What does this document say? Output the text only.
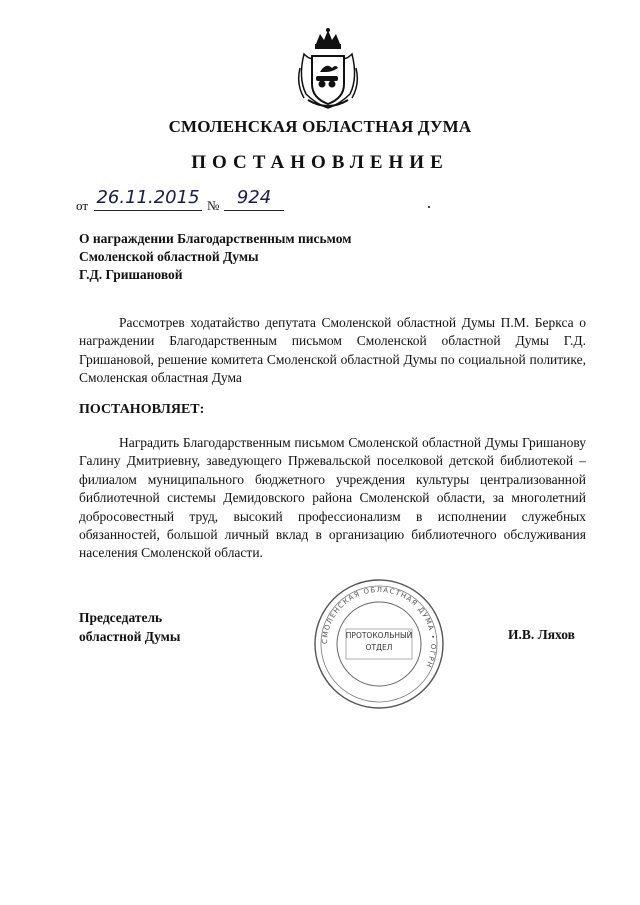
СМОЛЕНСКАЯ ОБЛАСТНАЯ ДУМА
ПОСТАНОВЛЕНИЕ
от 26.11.2015 № 924
О награждении Благодарственным письмом
Смоленской областной Думы
Г.Д. Гришановой
Рассмотрев ходатайство депутата Смоленской областной Думы П.М. Беркса о награждении Благодарственным письмом Смоленской областной Думы Г.Д. Гришановой, решение комитета Смоленской областной Думы по социальной политике, Смоленская областная Дума
ПОСТАНОВЛЯЕТ:
Наградить Благодарственным письмом Смоленской областной Думы Гришанову Галину Дмитриевну, заведующего Пржевальской поселковой детской библиотекой – филиалом муниципального бюджетного учреждения культуры централизованной библиотечной системы Демидовского района Смоленской области, за многолетний добросовестный труд, высокий профессионализм в исполнении служебных обязанностей, большой личный вклад в организацию библиотечного обслуживания населения Смоленской области.
Председатель
областной Думы	СМОЛЕНСКАЯ ОБЛАСТНАЯ ДУМА • ОГРН
ПРОТОКОЛЬНЫЙ
ОТДЕЛ
И.В. Ляхов
